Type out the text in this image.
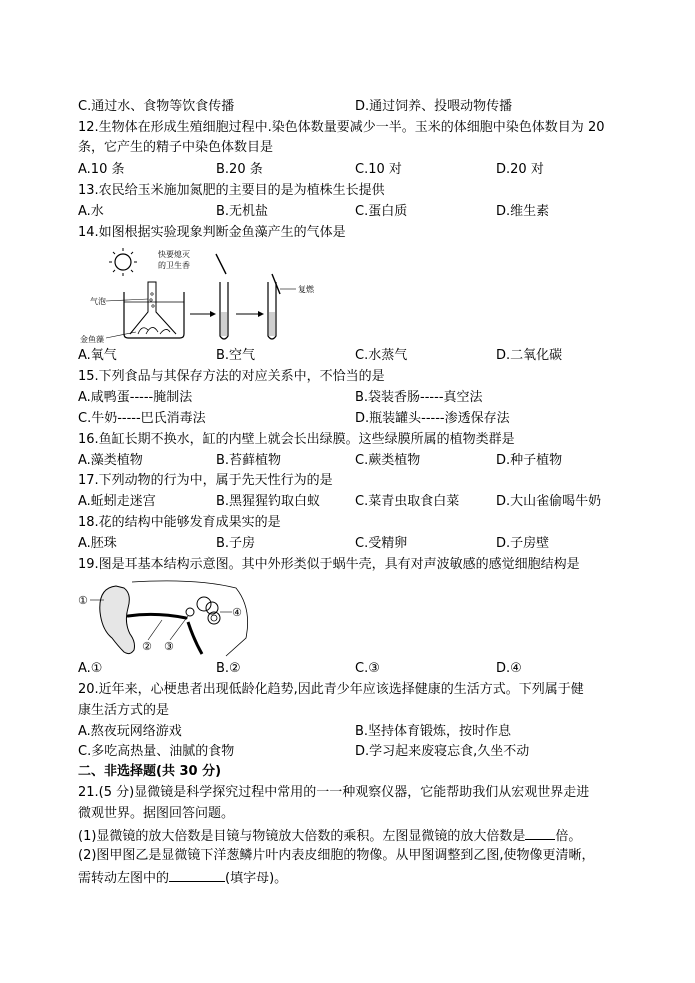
C.通过水、食物等饮食传播	D.通过饲养、投喂动物传播
12.生物体在形成生殖细胞过程中.染色体数量要减少一半。玉米的体细胞中染色体数目为 20
条，它产生的精子中染色体数目是
A.10 条	B.20 条	C.10 对	D.20 对
13.农民给玉米施加氮肥的主要目的是为植株生长提供
A.水	B.无机盐	C.蛋白质	D.维生素
14.如图根据实验现象判断金鱼藻产生的气体是
快要熄灭
的卫生香
气泡
金鱼藻
复燃
A.氧气	B.空气	C.水蒸气	D.二氧化碳
15.下列食品与其保存方法的对应关系中，不恰当的是
A.咸鸭蛋-----腌制法	B.袋装香肠-----真空法
C.牛奶-----巴氏消毒法	D.瓶装罐头-----渗透保存法
16.鱼缸长期不换水，缸的内壁上就会长出绿膜。这些绿膜所属的植物类群是
A.藻类植物	B.苔藓植物	C.蕨类植物	D.种子植物
17.下列动物的行为中，属于先天性行为的是
A.蚯蚓走迷宫	B.黑猩猩钓取白蚁	C.菜青虫取食白菜	D.大山雀偷喝牛奶
18.花的结构中能够发育成果实的是
A.胚珠	B.子房	C.受精卵	D.子房壁
19.图是耳基本结构示意图。其中外形类似于蜗牛壳，具有对声波敏感的感觉细胞结构是
①
② ③
④
A.①	B.②	C.③	D.④
20.近年来，心梗患者出现低龄化趋势,因此青少年应该选择健康的生活方式。下列属于健
康生活方式的是
A.熬夜玩网络游戏	B.坚持体育锻炼，按时作息
C.多吃高热量、油腻的食物	D.学习起来废寝忘食,久坐不动
二、非选择题(共 30 分)
21.(5 分)显微镜是科学探究过程中常用的一一种观察仪器，它能帮助我们从宏观世界走进
微观世界。据图回答问题。
(1)显微镜的放大倍数是目镜与物镜放大倍数的乘积。左图显微镜的放大倍数是 倍。
(2)图甲图乙是显微镜下洋葱鳞片叶内表皮细胞的物像。从甲图调整到乙图,使物像更清晰，
需转动左图中的	(填字母)。
